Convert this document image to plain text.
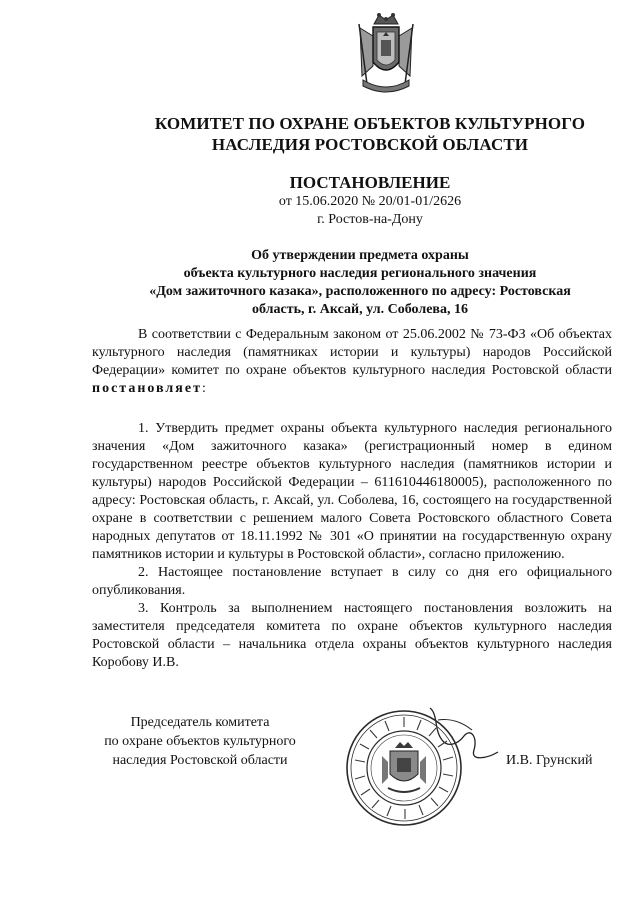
КОМИТЕТ ПО ОХРАНЕ ОБЪЕКТОВ КУЛЬТУРНОГО
НАСЛЕДИЯ РОСТОВСКОЙ ОБЛАСТИ
ПОСТАНОВЛЕНИЕ
от 15.06.2020 № 20/01-01/2626
г. Ростов-на-Дону
Об утверждении предмета охраны
объекта культурного наследия регионального значения
«Дом зажиточного казака», расположенного по адресу: Ростовская
область, г. Аксай, ул. Соболева, 16
В соответствии с Федеральным законом от 25.06.2002 № 73-ФЗ «Об объектах культурного наследия (памятниках истории и культуры) народов Российской Федерации» комитет по охране объектов культурного наследия Ростовской области постановляет:
1. Утвердить предмет охраны объекта культурного наследия регионального значения «Дом зажиточного казака» (регистрационный номер в едином государственном реестре объектов культурного наследия (памятников истории и культуры) народов Российской Федерации – 611610446180005), расположенного по адресу: Ростовская область, г. Аксай, ул. Соболева, 16, состоящего на государственной охране в соответствии с решением малого Совета Ростовского областного Совета народных депутатов от 18.11.1992 № 301 «О принятии на государственную охрану памятников истории и культуры в Ростовской области», согласно приложению.
2. Настоящее постановление вступает в силу со дня его официального опубликования.
3. Контроль за выполнением настоящего постановления возложить на заместителя председателя комитета по охране объектов культурного наследия Ростовской области – начальника отдела охраны объектов культурного наследия Коробову И.В.
Председатель комитета
по охране объектов культурного
наследия Ростовской области	И.В. Грунский
